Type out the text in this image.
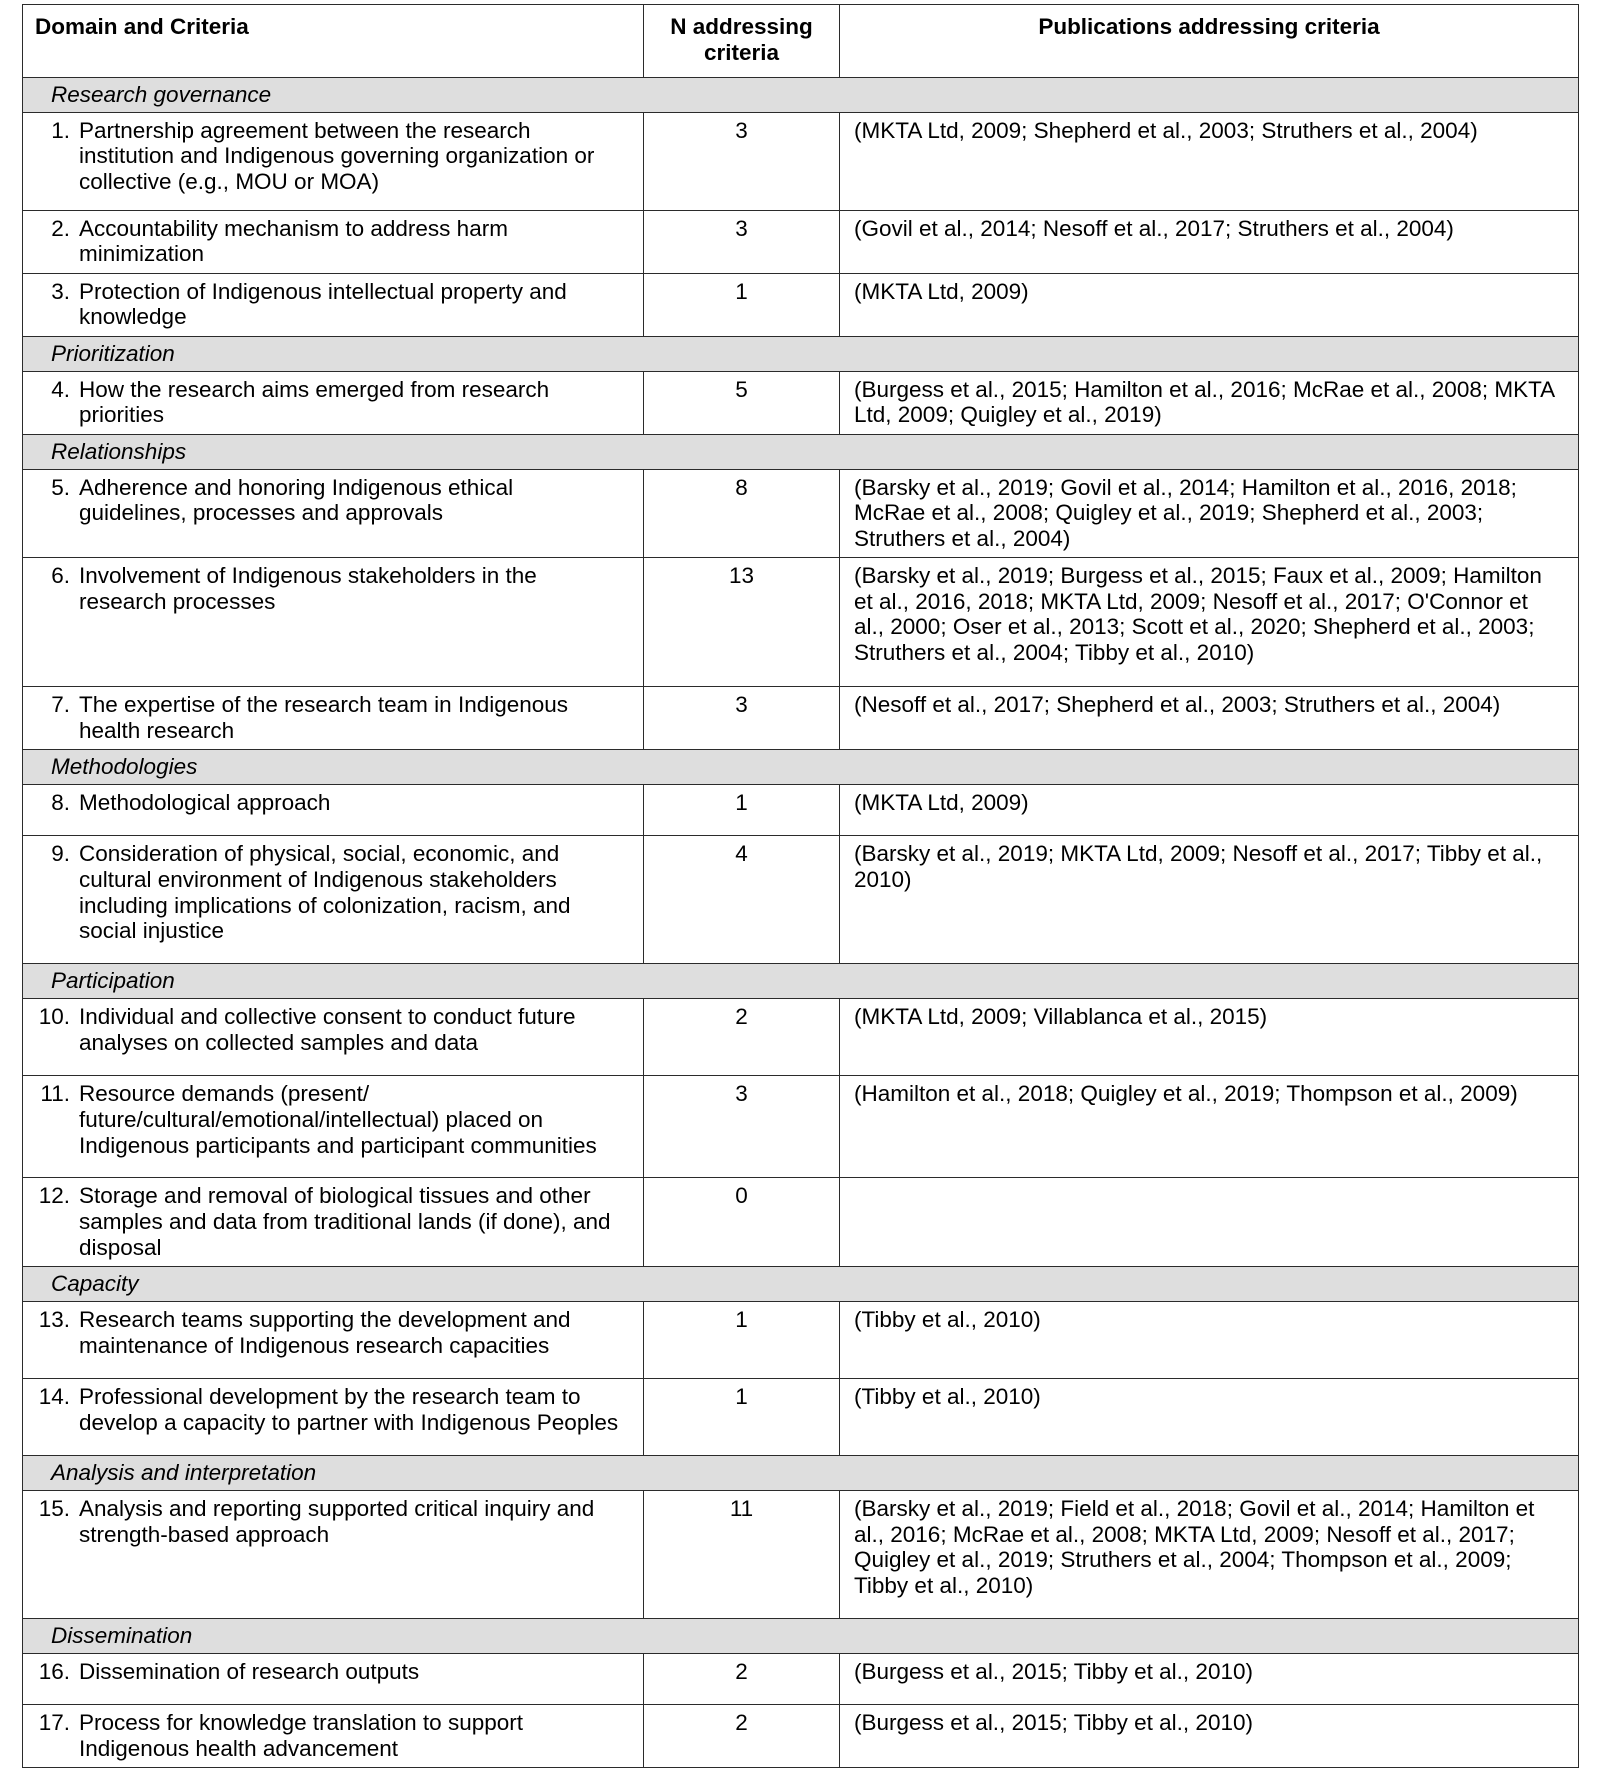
Domain and Criteria	N addressing criteria	Publications addressing criteria

Research governance		

1. Partnership agreement between the research institution and Indigenous governing organization or collective (e.g., MOU or MOA)	3	(MKTA Ltd, 2009; Shepherd et al., 2003; Struthers et al., 2004)

2. Accountability mechanism to address harm minimization	3	(Govil et al., 2014; Nesoff et al., 2017; Struthers et al., 2004)

3. Protection of Indigenous intellectual property and knowledge	1	(MKTA Ltd, 2009)

Prioritization		

4. How the research aims emerged from research priorities	5	(Burgess et al., 2015; Hamilton et al., 2016; McRae et al., 2008; MKTA Ltd, 2009; Quigley et al., 2019)

Relationships		

5. Adherence and honoring Indigenous ethical guidelines, processes and approvals	8	(Barsky et al., 2019; Govil et al., 2014; Hamilton et al., 2016, 2018; McRae et al., 2008; Quigley et al., 2019; Shepherd et al., 2003; Struthers et al., 2004)

6. Involvement of Indigenous stakeholders in the research processes	13	(Barsky et al., 2019; Burgess et al., 2015; Faux et al., 2009; Hamilton et al., 2016, 2018; MKTA Ltd, 2009; Nesoff et al., 2017; O'Connor et al., 2000; Oser et al., 2013; Scott et al., 2020; Shepherd et al., 2003; Struthers et al., 2004; Tibby et al., 2010)

7. The expertise of the research team in Indigenous health research	3	(Nesoff et al., 2017; Shepherd et al., 2003; Struthers et al., 2004)

Methodologies		

8. Methodological approach	1	(MKTA Ltd, 2009)

9. Consideration of physical, social, economic, and cultural environment of Indigenous stakeholders including implications of colonization, racism, and social injustice	4	(Barsky et al., 2019; MKTA Ltd, 2009; Nesoff et al., 2017; Tibby et al., 2010)

Participation		

10. Individual and collective consent to conduct future analyses on collected samples and data	2	(MKTA Ltd, 2009; Villablanca et al., 2015)

11. Resource demands (present/ future/cultural/emotional/intellectual) placed on Indigenous participants and participant communities	3	(Hamilton et al., 2018; Quigley et al., 2019; Thompson et al., 2009)

12. Storage and removal of biological tissues and other samples and data from traditional lands (if done), and disposal	0	

Capacity		

13. Research teams supporting the development and maintenance of Indigenous research capacities	1	(Tibby et al., 2010)

14. Professional development by the research team to develop a capacity to partner with Indigenous Peoples	1	(Tibby et al., 2010)

Analysis and interpretation		

15. Analysis and reporting supported critical inquiry and strength-based approach	11	(Barsky et al., 2019; Field et al., 2018; Govil et al., 2014; Hamilton et al., 2016; McRae et al., 2008; MKTA Ltd, 2009; Nesoff et al., 2017; Quigley et al., 2019; Struthers et al., 2004; Thompson et al., 2009; Tibby et al., 2010)

Dissemination		

16. Dissemination of research outputs	2	(Burgess et al., 2015; Tibby et al., 2010)

17. Process for knowledge translation to support Indigenous health advancement	2	(Burgess et al., 2015; Tibby et al., 2010)
